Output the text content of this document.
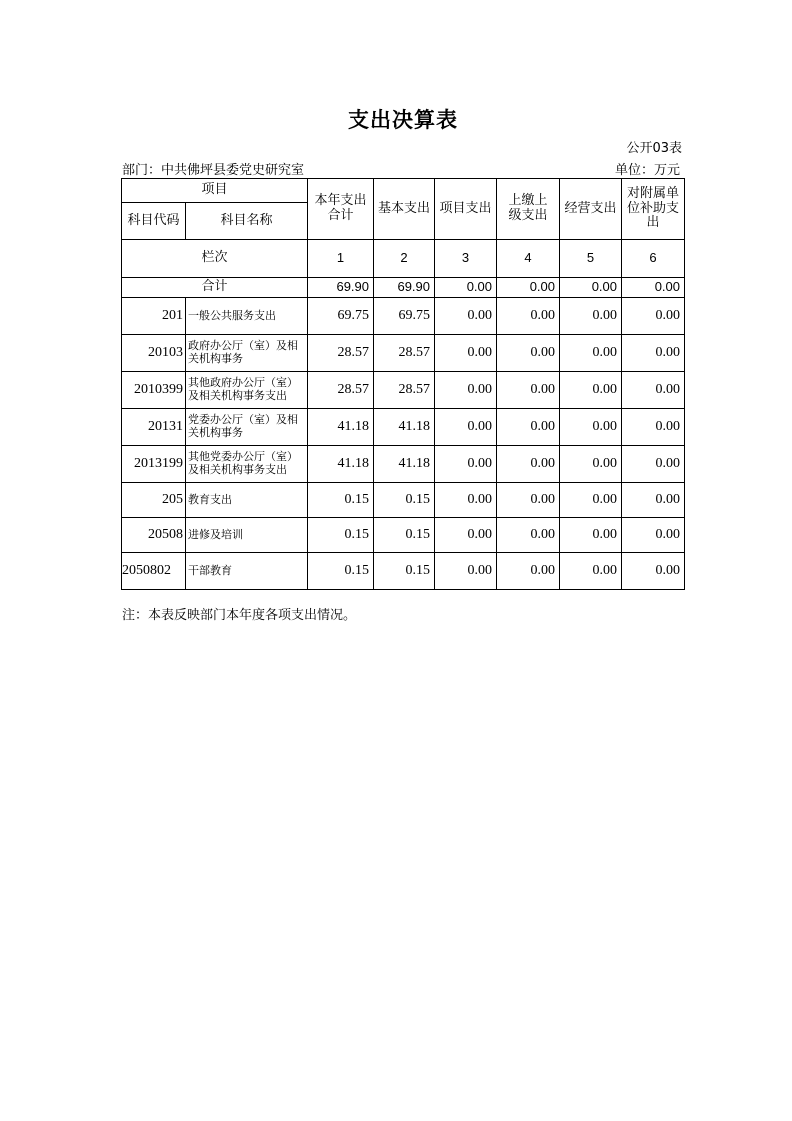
支出决算表
公开03表
部门：中共佛坪县委党史研究室	单位：万元
项目		本年支出合计	基本支出	项目支出	上缴上级支出	经营支出	对附属单位补助支出
科目代码	科目名称						
栏次		1	2	3	4	5	6
合计		69.90	69.90	0.00	0.00	0.00	0.00
201	一般公共服务支出	69.75	69.75	0.00	0.00	0.00	0.00
20103	政府办公厅（室）及相关机构事务	28.57	28.57	0.00	0.00	0.00	0.00
2010399	其他政府办公厅（室）及相关机构事务支出	28.57	28.57	0.00	0.00	0.00	0.00
20131	党委办公厅（室）及相关机构事务	41.18	41.18	0.00	0.00	0.00	0.00
2013199	其他党委办公厅（室）及相关机构事务支出	41.18	41.18	0.00	0.00	0.00	0.00
205	教育支出	0.15	0.15	0.00	0.00	0.00	0.00
20508	进修及培训	0.15	0.15	0.00	0.00	0.00	0.00
2050802	干部教育	0.15	0.15	0.00	0.00	0.00	0.00
注：本表反映部门本年度各项支出情况。
